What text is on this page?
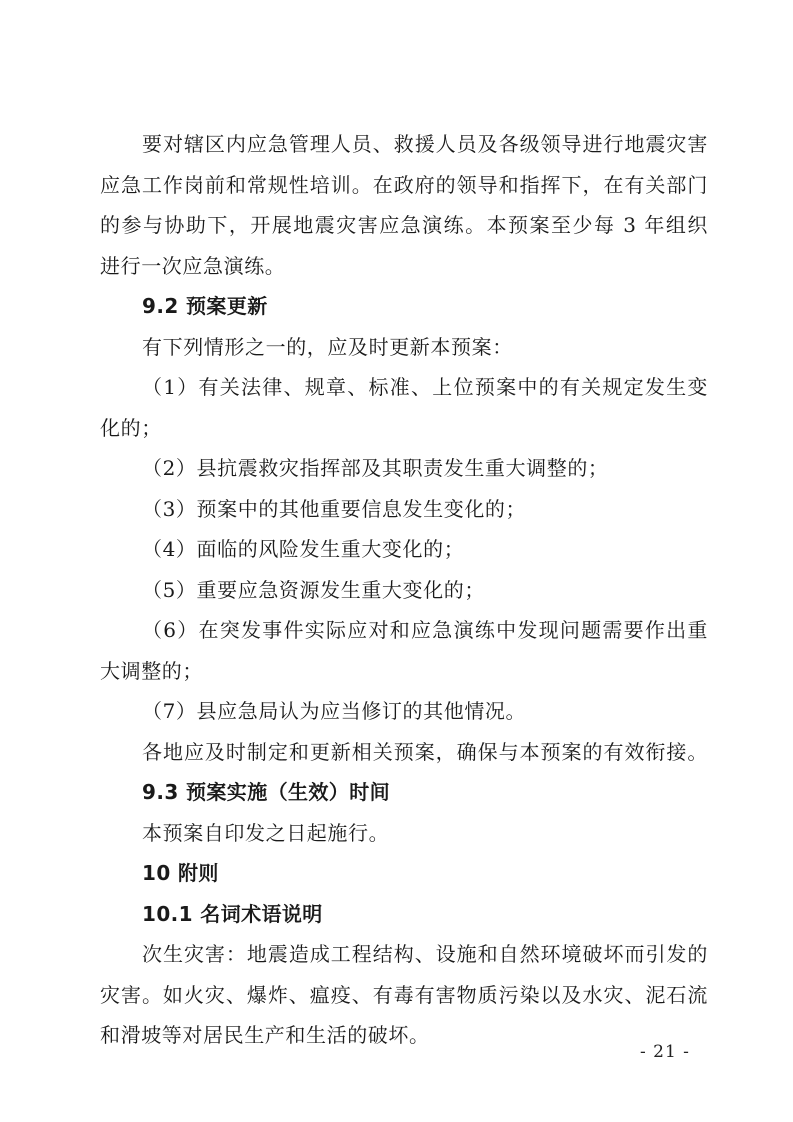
要对辖区内应急管理人员、救援人员及各级领导进行地震灾害
应急工作岗前和常规性培训。在政府的领导和指挥下，在有关部门
的参与协助下，开展地震灾害应急演练。本预案至少每 3 年组织
进行一次应急演练。
9.2 预案更新
有下列情形之一的，应及时更新本预案：
（1）有关法律、规章、标准、上位预案中的有关规定发生变
化的；
（2）县抗震救灾指挥部及其职责发生重大调整的；
（3）预案中的其他重要信息发生变化的；
（4）面临的风险发生重大变化的；
（5）重要应急资源发生重大变化的；
（6）在突发事件实际应对和应急演练中发现问题需要作出重
大调整的；
（7）县应急局认为应当修订的其他情况。
各地应及时制定和更新相关预案，确保与本预案的有效衔接。
9.3 预案实施（生效）时间
本预案自印发之日起施行。
10 附则
10.1 名词术语说明
次生灾害：地震造成工程结构、设施和自然环境破坏而引发的
灾害。如火灾、爆炸、瘟疫、有毒有害物质污染以及水灾、泥石流
和滑坡等对居民生产和生活的破坏。
- 21 -
